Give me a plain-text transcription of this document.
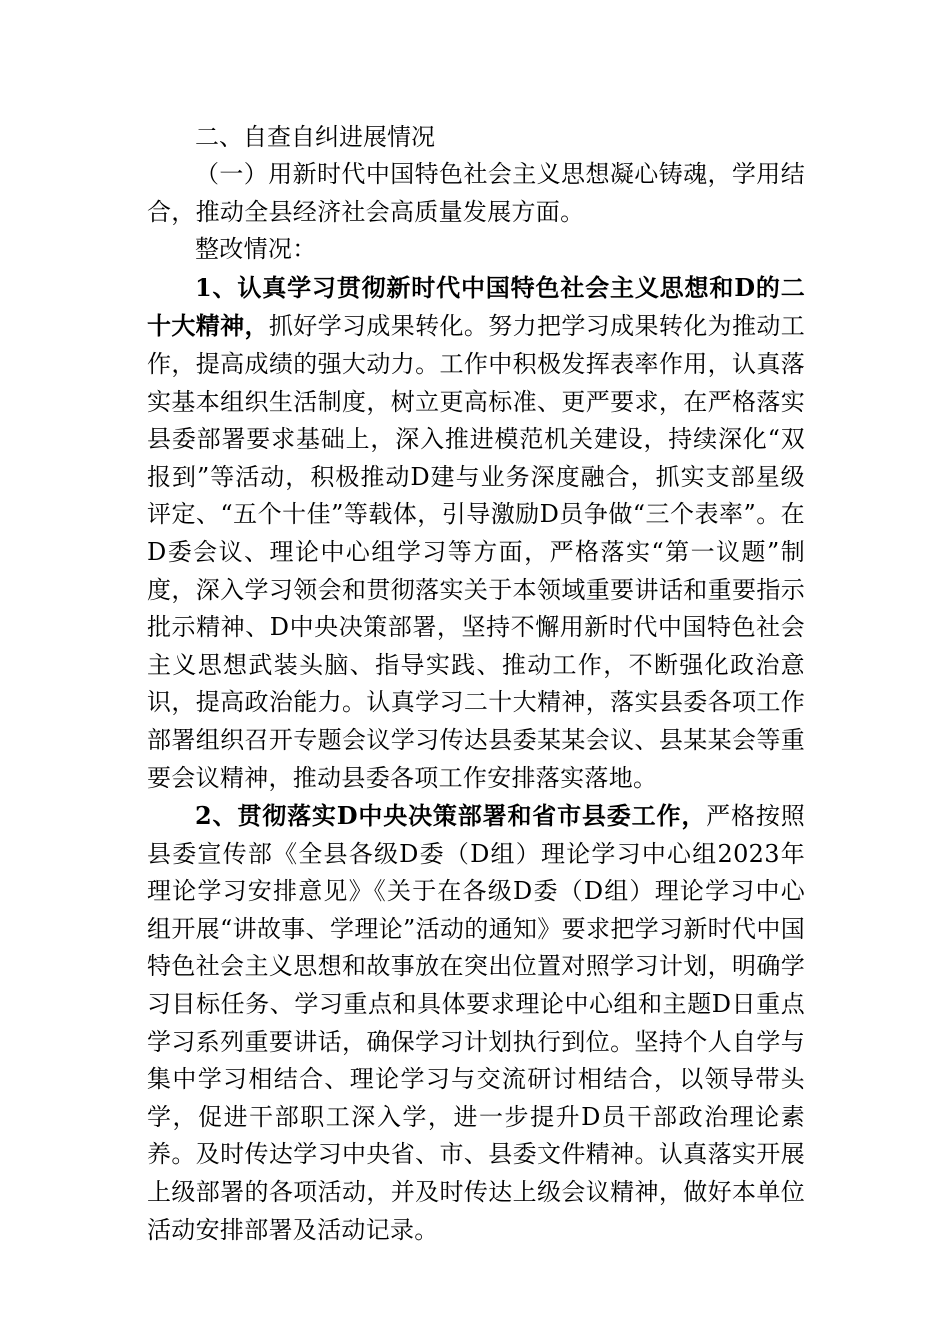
二、自查自纠进展情况

（一）用新时代中国特色社会主义思想凝心铸魂，学用结合，推动全县经济社会高质量发展方面。

整改情况：

1、认真学习贯彻新时代中国特色社会主义思想和D的二十大精神，抓好学习成果转化。努力把学习成果转化为推动工作，提高成绩的强大动力。工作中积极发挥表率作用，认真落实基本组织生活制度，树立更高标准、更严要求，在严格落实县委部署要求基础上，深入推进模范机关建设，持续深化“双报到”等活动，积极推动D建与业务深度融合，抓实支部星级评定、“五个十佳”等载体，引导激励D员争做“三个表率”。在D委会议、理论中心组学习等方面，严格落实“第一议题”制度，深入学习领会和贯彻落实关于本领域重要讲话和重要指示批示精神、D中央决策部署，坚持不懈用新时代中国特色社会主义思想武装头脑、指导实践、推动工作，不断强化政治意识，提高政治能力。认真学习二十大精神，落实县委各项工作部署组织召开专题会议学习传达县委某某会议、县某某会等重要会议精神，推动县委各项工作安排落实落地。

2、贯彻落实D中央决策部署和省市县委工作，严格按照县委宣传部《全县各级D委（D组）理论学习中心组2023年理论学习安排意见》《关于在各级D委（D组）理论学习中心组开展“讲故事、学理论”活动的通知》要求把学习新时代中国特色社会主义思想和故事放在突出位置对照学习计划，明确学习目标任务、学习重点和具体要求理论中心组和主题D日重点学习系列重要讲话，确保学习计划执行到位。坚持个人自学与集中学习相结合、理论学习与交流研讨相结合，以领导带头学，促进干部职工深入学，进一步提升D员干部政治理论素养。及时传达学习中央省、市、县委文件精神。认真落实开展上级部署的各项活动，并及时传达上级会议精神，做好本单位活动安排部署及活动记录。
